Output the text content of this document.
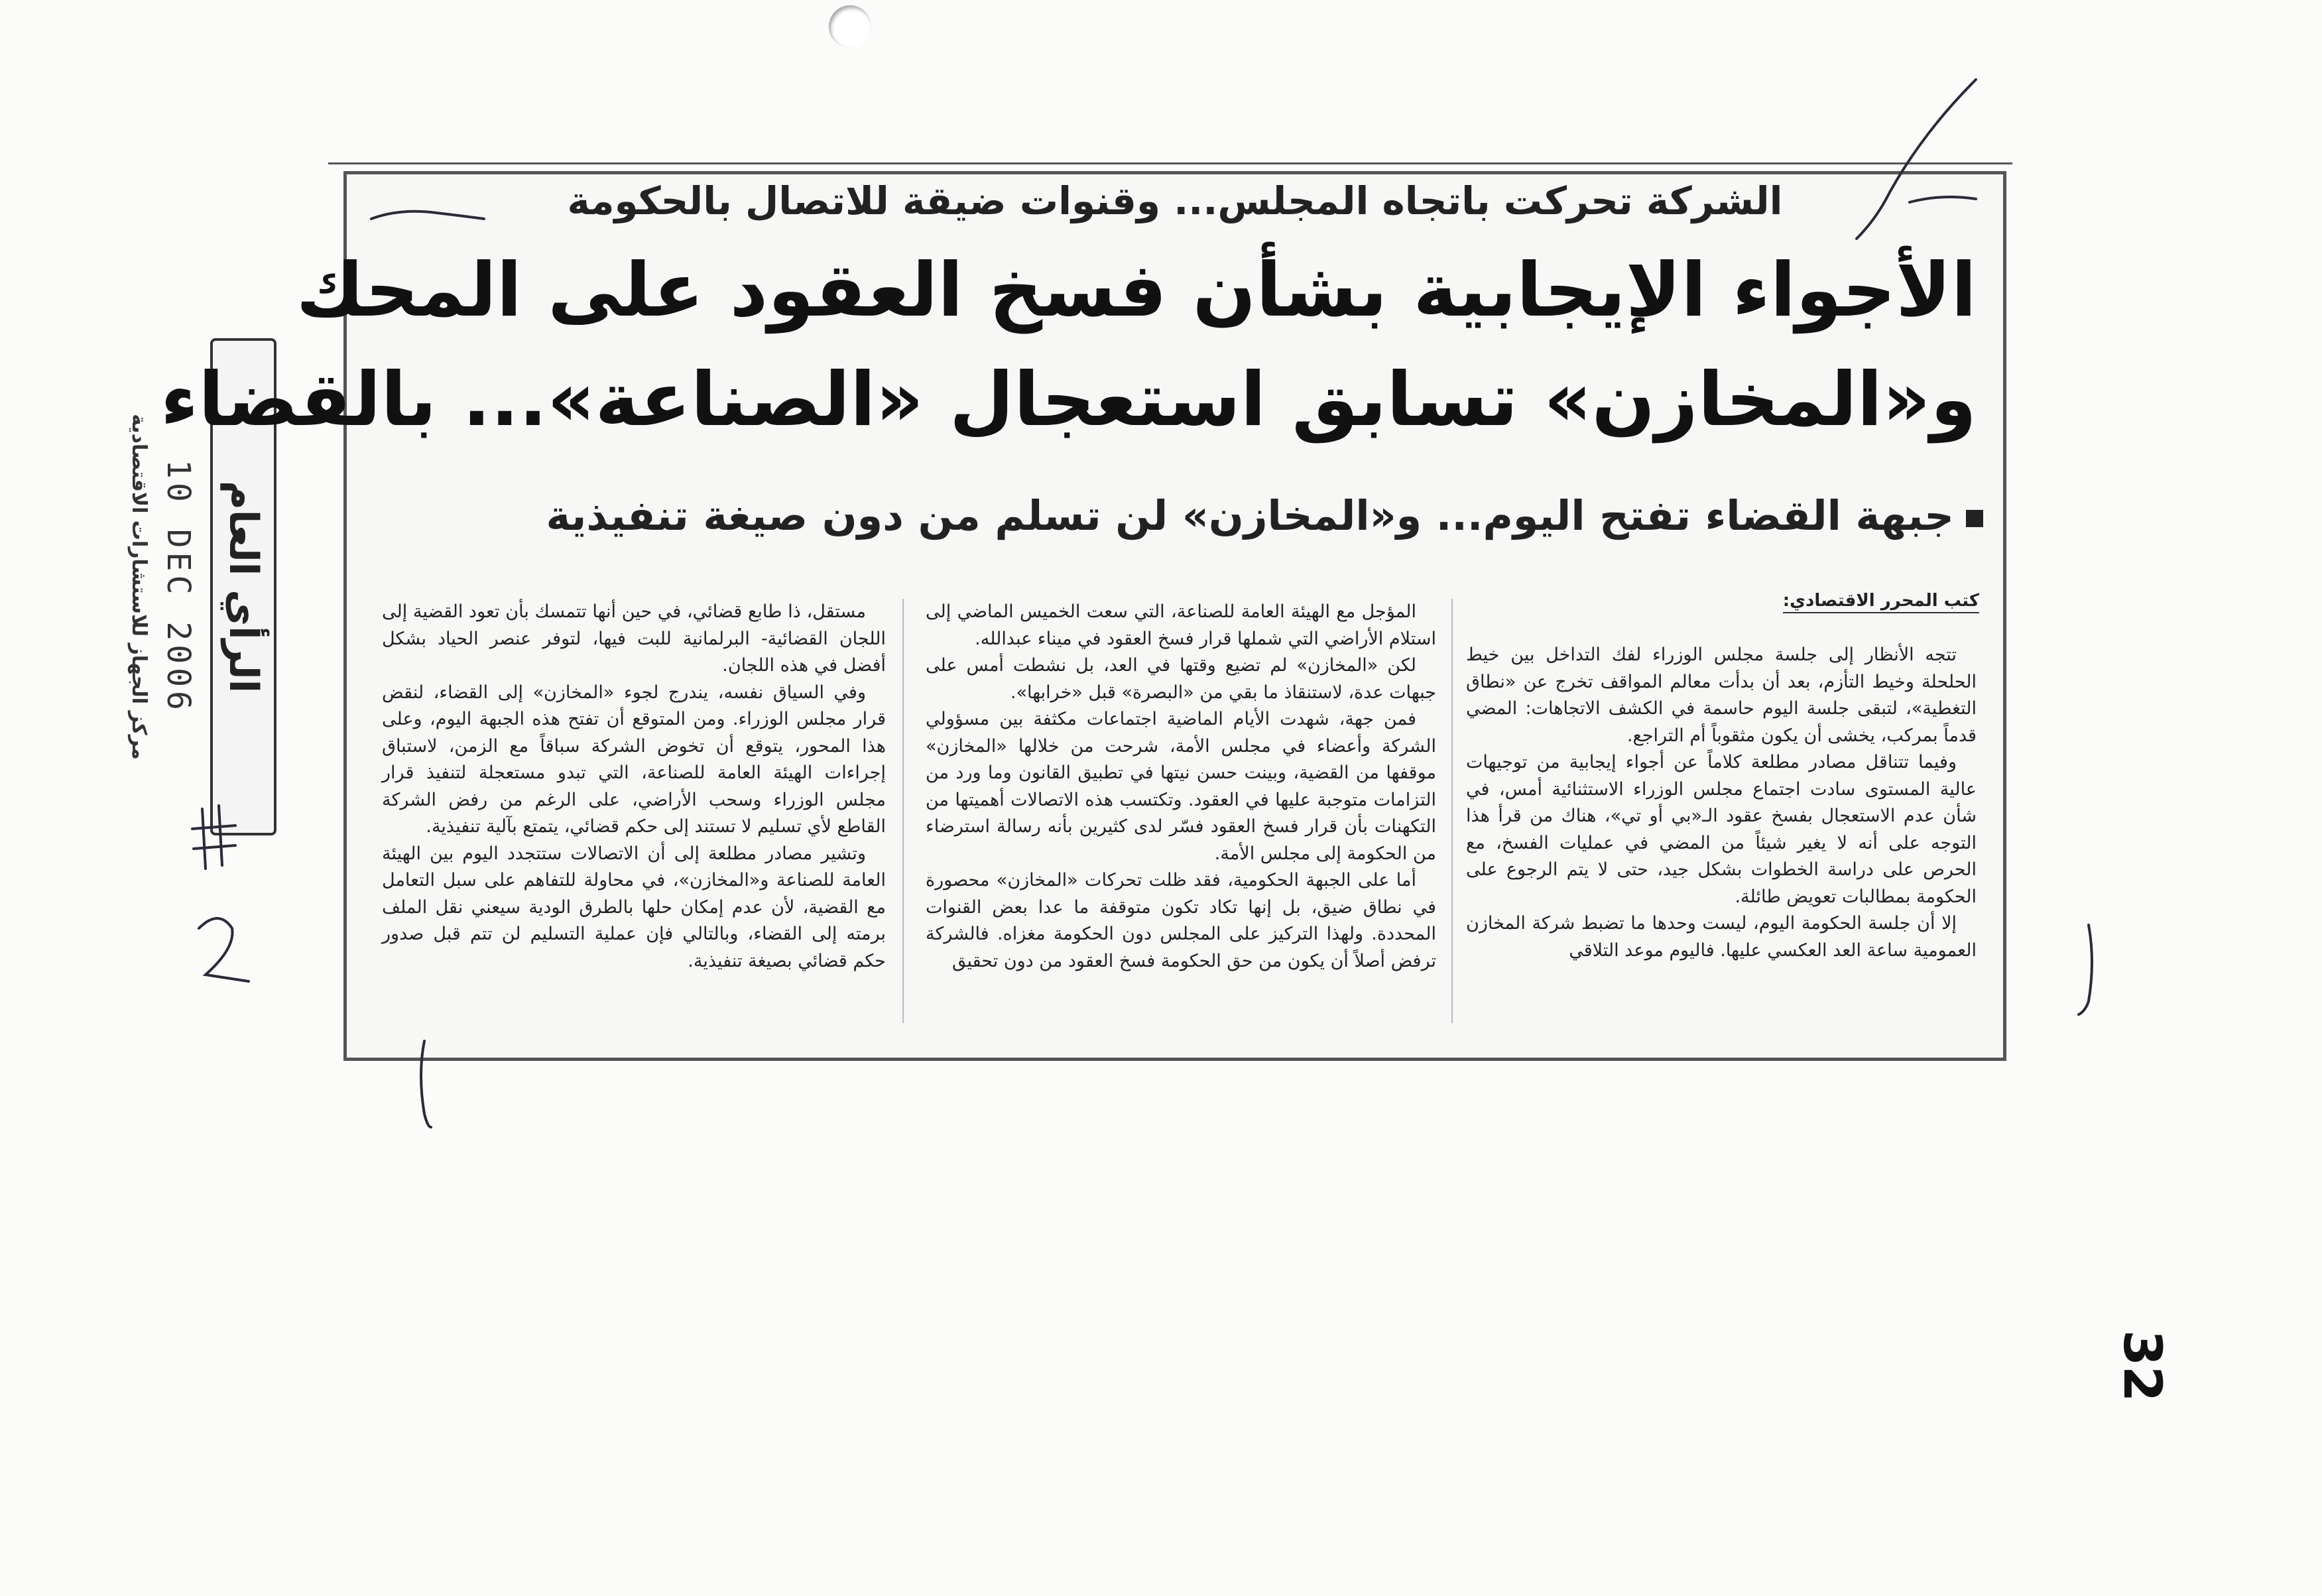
الرأي العام
10 DEC 2006
مركز الجهاز للاستشارات الاقتصادية
الشركة تحركت باتجاه المجلس... وقنوات ضيقة للاتصال بالحكومة
الأجواء الإيجابية بشأن فسخ العقود على المحك
و«المخازن» تسابق استعجال «الصناعة»... بالقضاء
جبهة القضاء تفتح اليوم... و«المخازن» لن تسلم من دون صيغة تنفيذية
كتب المحرر الاقتصادي:

تتجه الأنظار إلى جلسة مجلس الوزراء لفك التداخل بين خيط الحلحلة وخيط التأزم، بعد أن بدأت معالم المواقف تخرج عن «نطاق التغطية»، لتبقى جلسة اليوم حاسمة في الكشف الاتجاهات: المضي قدماً بمركب، يخشى أن يكون مثقوباً أم التراجع.

وفيما تتناقل مصادر مطلعة كلاماً عن أجواء إيجابية من توجيهات عالية المستوى سادت اجتماع مجلس الوزراء الاستثنائية أمس، في شأن عدم الاستعجال بفسخ عقود الـ«بي أو تي»، هناك من قرأ هذا التوجه على أنه لا يغير شيئاً من المضي في عمليات الفسخ، مع الحرص على دراسة الخطوات بشكل جيد، حتى لا يتم الرجوع على الحكومة بمطالبات تعويض طائلة.

إلا أن جلسة الحكومة اليوم، ليست وحدها ما تضبط شركة المخازن العمومية ساعة العد العكسي عليها. فاليوم موعد التلاقي

المؤجل مع الهيئة العامة للصناعة، التي سعت الخميس الماضي إلى استلام الأراضي التي شملها قرار فسخ العقود في ميناء عبدالله.

لكن «المخازن» لم تضيع وقتها في العد، بل نشطت أمس على جبهات عدة، لاستنقاذ ما بقي من «البصرة» قبل «خرابها».

فمن جهة، شهدت الأيام الماضية اجتماعات مكثفة بين مسؤولي الشركة وأعضاء في مجلس الأمة، شرحت من خلالها «المخازن» موقفها من القضية، وبينت حسن نيتها في تطبيق القانون وما ورد من التزامات متوجبة عليها في العقود. وتكتسب هذه الاتصالات أهميتها من التكهنات بأن قرار فسخ العقود فسّر لدى كثيرين بأنه رسالة استرضاء من الحكومة إلى مجلس الأمة.

أما على الجبهة الحكومية، فقد ظلت تحركات «المخازن» محصورة في نطاق ضيق، بل إنها تكاد تكون متوقفة ما عدا بعض القنوات المحددة. ولهذا التركيز على المجلس دون الحكومة مغزاه. فالشركة ترفض أصلاً أن يكون من حق الحكومة فسخ العقود من دون تحقيق

مستقل، ذا طابع قضائي، في حين أنها تتمسك بأن تعود القضية إلى اللجان القضائية- البرلمانية للبت فيها، لتوفر عنصر الحياد بشكل أفضل في هذه اللجان.

وفي السياق نفسه، يندرج لجوء «المخازن» إلى القضاء، لنقض قرار مجلس الوزراء. ومن المتوقع أن تفتح هذه الجبهة اليوم، وعلى هذا المحور، يتوقع أن تخوض الشركة سباقاً مع الزمن، لاستباق إجراءات الهيئة العامة للصناعة، التي تبدو مستعجلة لتنفيذ قرار مجلس الوزراء وسحب الأراضي، على الرغم من رفض الشركة القاطع لأي تسليم لا تستند إلى حكم قضائي، يتمتع بآلية تنفيذية.

وتشير مصادر مطلعة إلى أن الاتصالات ستتجدد اليوم بين الهيئة العامة للصناعة و«المخازن»، في محاولة للتفاهم على سبل التعامل مع القضية، لأن عدم إمكان حلها بالطرق الودية سيعني نقل الملف برمته إلى القضاء، وبالتالي فإن عملية التسليم لن تتم قبل صدور حكم قضائي بصيغة تنفيذية.

32
